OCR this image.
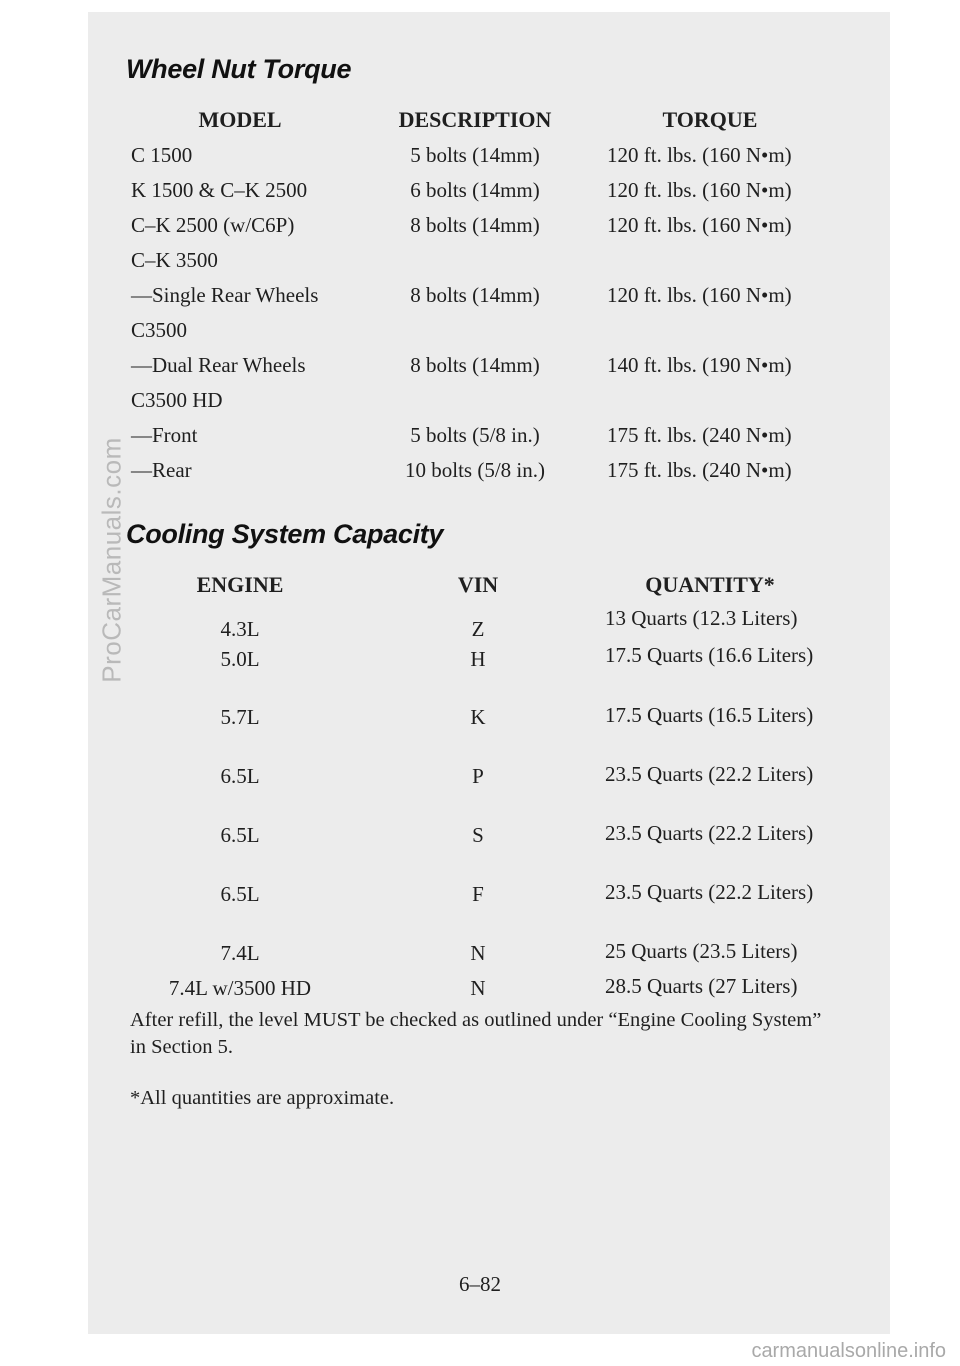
Wheel Nut Torque
MODEL	DESCRIPTION	TORQUE
C 1500	5 bolts (14mm)	120 ft. lbs. (160 N•m)
K 1500 & C–K 2500	6 bolts (14mm)	120 ft. lbs. (160 N•m)
C–K 2500 (w/C6P)	8 bolts (14mm)	120 ft. lbs. (160 N•m)
C–K 3500
—Single Rear Wheels	8 bolts (14mm)	120 ft. lbs. (160 N•m)
C3500
—Dual Rear Wheels	8 bolts (14mm)	140 ft. lbs. (190 N•m)
C3500 HD
—Front	5 bolts (5/8 in.)	175 ft. lbs. (240 N•m)
—Rear	10 bolts (5/8 in.)	175 ft. lbs. (240 N•m)
Cooling System Capacity
ENGINE	VIN	QUANTITY*
4.3L	Z	13 Quarts (12.3 Liters)
5.0L	H	17.5 Quarts (16.6 Liters)
5.7L	K	17.5 Quarts (16.5 Liters)
6.5L	P	23.5 Quarts (22.2 Liters)
6.5L	S	23.5 Quarts (22.2 Liters)
6.5L	F	23.5 Quarts (22.2 Liters)
7.4L	N	25 Quarts (23.5 Liters)
7.4L w/3500 HD	N	28.5 Quarts (27 Liters)

After refill, the level MUST be checked as outlined under “Engine Cooling System” in Section 5.

*All quantities are approximate.

6–82
ProCarManuals.com
carmanualsonline.info
